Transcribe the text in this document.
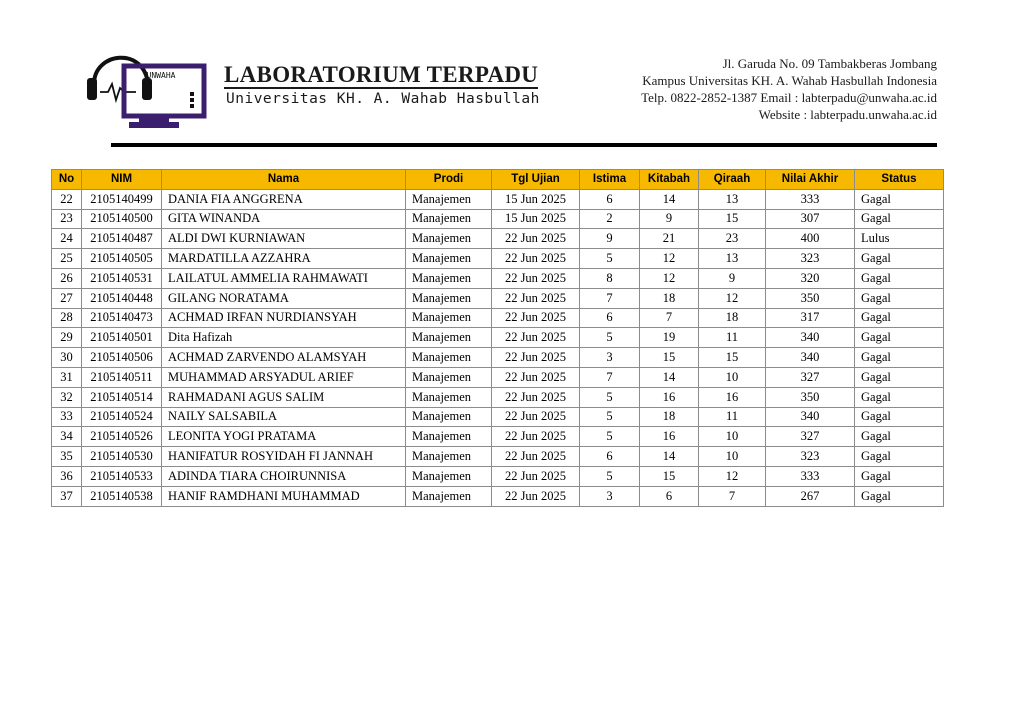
UNWAHA LABORATORIUM TERPADU
Universitas KH. A. Wahab Hasbullah
Jl. Garuda No. 09 Tambakberas Jombang
Kampus Universitas KH. A. Wahab Hasbullah Indonesia
Telp. 0822-2852-1387 Email : labterpadu@unwaha.ac.id
Website : labterpadu.unwaha.ac.id
No	NIM	Nama	Prodi	Tgl Ujian	Istima	Kitabah	Qiraah	Nilai Akhir	Status
22	2105140499	DANIA FIA ANGGRENA	Manajemen	15 Jun 2025	6	14	13	333	Gagal
23	2105140500	GITA WINANDA	Manajemen	15 Jun 2025	2	9	15	307	Gagal
24	2105140487	ALDI DWI KURNIAWAN	Manajemen	22 Jun 2025	9	21	23	400	Lulus
25	2105140505	MARDATILLA AZZAHRA	Manajemen	22 Jun 2025	5	12	13	323	Gagal
26	2105140531	LAILATUL AMMELIA RAHMAWATI	Manajemen	22 Jun 2025	8	12	9	320	Gagal
27	2105140448	GILANG NORATAMA	Manajemen	22 Jun 2025	7	18	12	350	Gagal
28	2105140473	ACHMAD IRFAN NURDIANSYAH	Manajemen	22 Jun 2025	6	7	18	317	Gagal
29	2105140501	Dita Hafizah	Manajemen	22 Jun 2025	5	19	11	340	Gagal
30	2105140506	ACHMAD ZARVENDO ALAMSYAH	Manajemen	22 Jun 2025	3	15	15	340	Gagal
31	2105140511	MUHAMMAD ARSYADUL ARIEF	Manajemen	22 Jun 2025	7	14	10	327	Gagal
32	2105140514	RAHMADANI AGUS SALIM	Manajemen	22 Jun 2025	5	16	16	350	Gagal
33	2105140524	NAILY SALSABILA	Manajemen	22 Jun 2025	5	18	11	340	Gagal
34	2105140526	LEONITA YOGI PRATAMA	Manajemen	22 Jun 2025	5	16	10	327	Gagal
35	2105140530	HANIFATUR ROSYIDAH FI JANNAH	Manajemen	22 Jun 2025	6	14	10	323	Gagal
36	2105140533	ADINDA TIARA CHOIRUNNISA	Manajemen	22 Jun 2025	5	15	12	333	Gagal
37	2105140538	HANIF RAMDHANI MUHAMMAD	Manajemen	22 Jun 2025	3	6	7	267	Gagal
